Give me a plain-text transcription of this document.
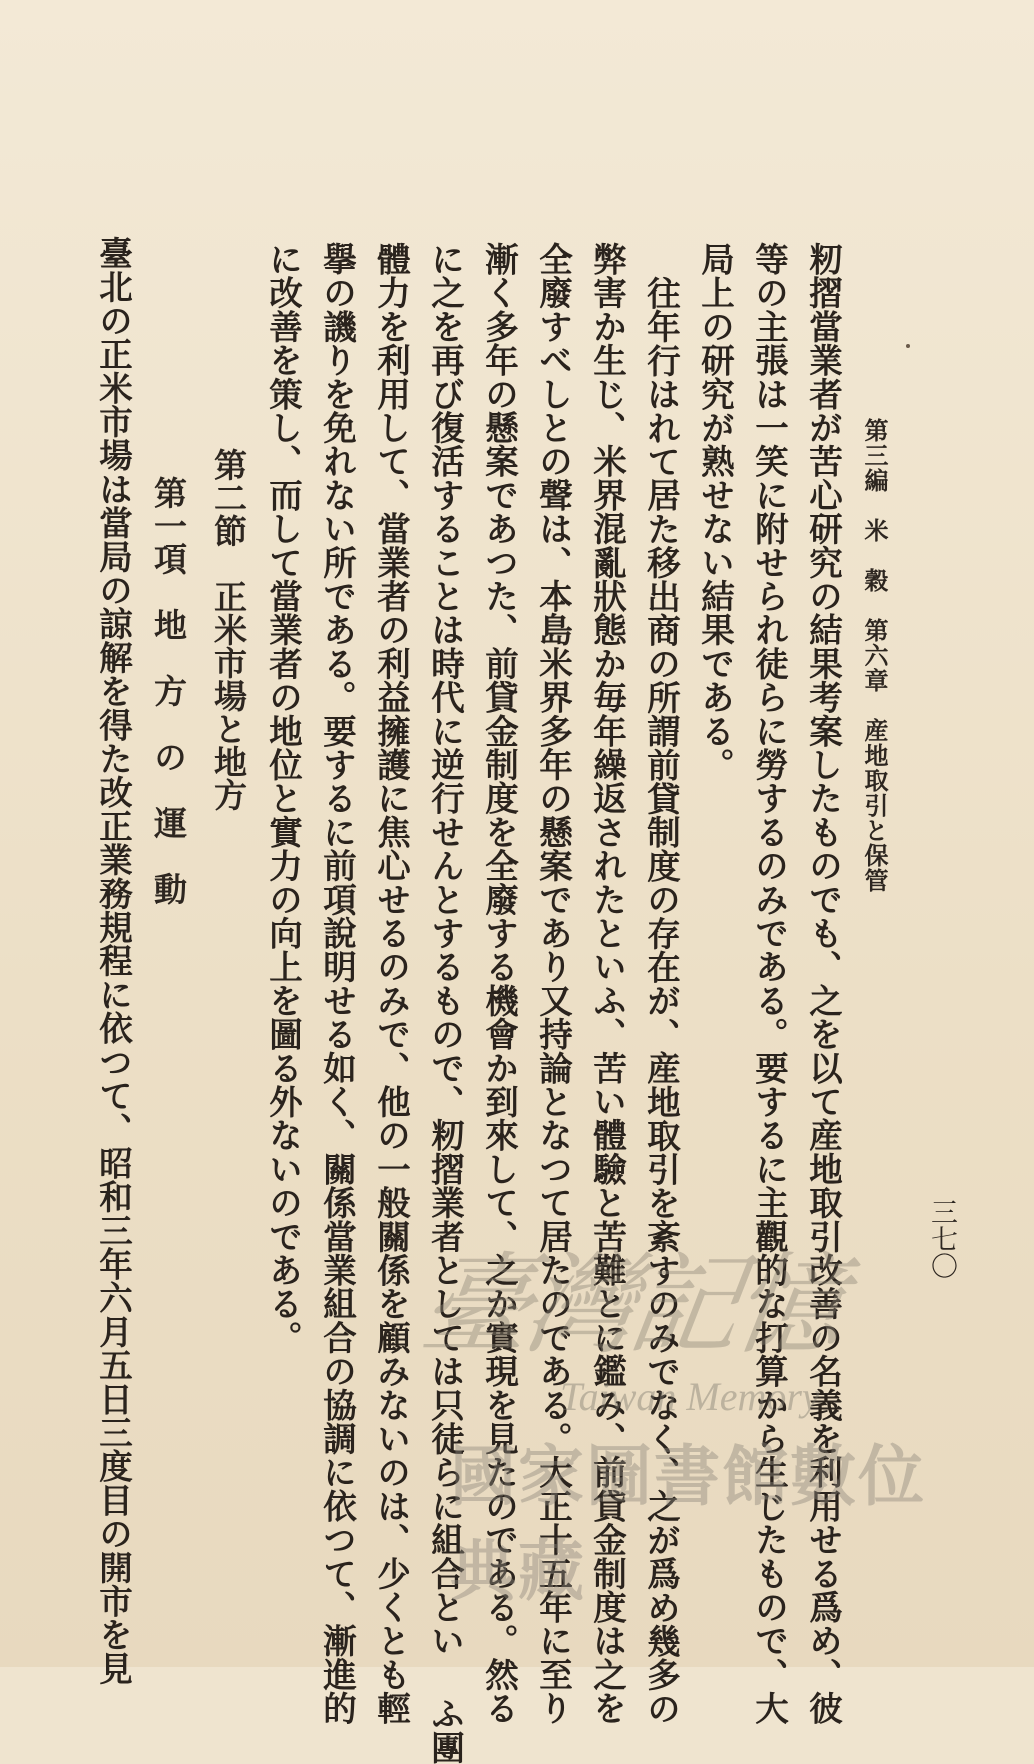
第三編　米　穀　第六章　産地取引と保管
三七〇
籾摺當業者が苦心研究の結果考案したものでも、之を以て産地取引改善の名義を利用せる爲め、彼
等の主張は一笑に附せられ徒らに勞するのみである。要するに主觀的な打算から生じたもので、大
局上の研究が熟せない結果である。
往年行はれて居た移出商の所謂前貸制度の存在が、産地取引を紊すのみでなく、之が爲め幾多の
弊害か生じ、米界混亂狀態か毎年繰返されたといふ、苦い體驗と苦難とに鑑み、前貸金制度は之を
全廢すべしとの聲は、本島米界多年の懸案であり又持論となつて居たのである。大正十五年に至り
漸く多年の懸案であつた、前貸金制度を全廢する機會か到來して、之か實現を見たのである。然る
に之を再び復活することは時代に逆行せんとするもので、籾摺業者としては只徒らに組合とい ふ團
體力を利用して、當業者の利益擁護に焦心せるのみで、他の一般關係を顧みないのは、少くとも輕
擧の譏りを免れない所である。要するに前項說明せる如く、關係當業組合の協調に依つて、漸進的
に改善を策し、而して當業者の地位と實力の向上を圖る外ないのである。
第二節　正米市場と地方
第一項　地　方　の　運　動
臺北の正米市場は當局の諒解を得た改正業務規程に依つて、昭和三年六月五日三度目の開市を見	臺灣記憶
Taiwan Memory
國家圖書館數位典藏
